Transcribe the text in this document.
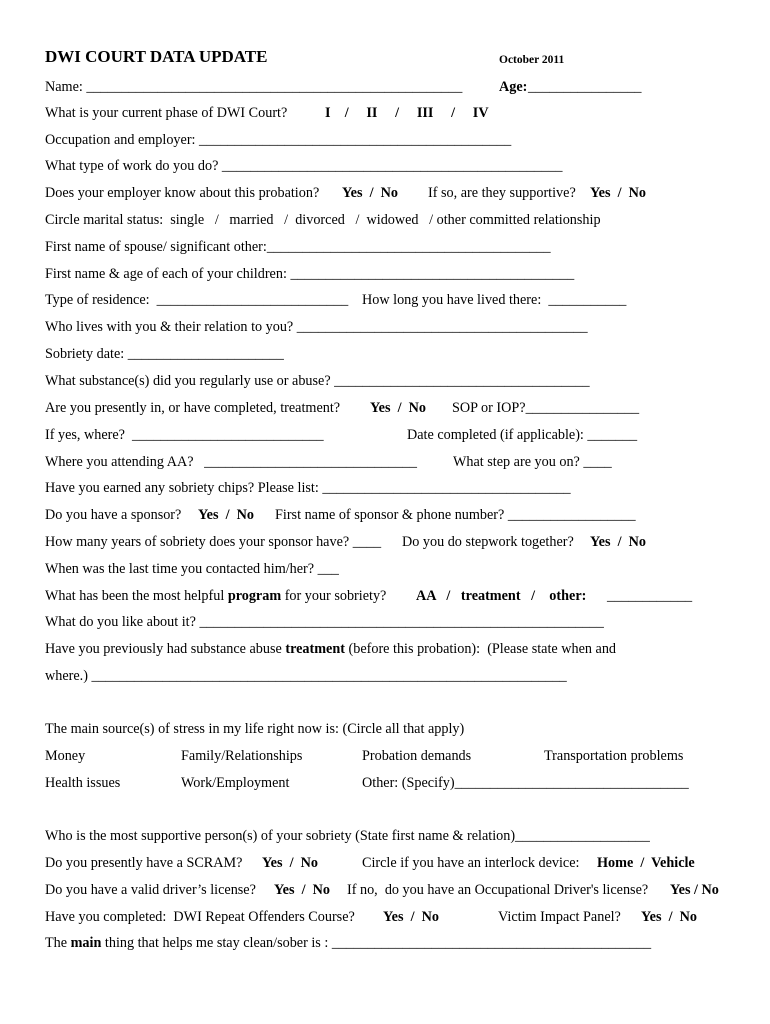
DWI COURT DATA UPDATE	October 2011
Name: _____________________________________________________	Age: ________________
What is your current phase of DWI Court?	I    /     II     /     III     /     IV
Occupation and employer: ____________________________________________
What type of work do you do? ________________________________________________
Does your employer know about this probation? Yes  /  No If so, are they supportive? Yes  /  No
Circle marital status:  single   /   married   /  divorced   /  widowed   / other committed relationship
First name of spouse/ significant other:________________________________________
First name & age of each of your children: ________________________________________
Type of residence:  ___________________________ How long you have lived there:  ___________
Who lives with you & their relation to you? _________________________________________
Sobriety date: ______________________
What substance(s) did you regularly use or abuse? ____________________________________
Are you presently in, or have completed, treatment? Yes  /  No SOP or IOP?________________
If yes, where?  ___________________________	Date completed (if applicable): _______
Where you attending AA?   ______________________________	What step are you on? ____
Have you earned any sobriety chips? Please list: ___________________________________
Do you have a sponsor? Yes  /  No First name of sponsor & phone number? __________________
How many years of sobriety does your sponsor have? ____ Do you do stepwork together? Yes  /  No
When was the last time you contacted him/her? ___
What has been the most helpful program for your sobriety? AA   /   treatment   /    other: ____________
What do you like about it? _________________________________________________________
Have you previously had substance abuse treatment (before this probation):  (Please state when and
where.) ___________________________________________________________________
The main source(s) of stress in my life right now is: (Circle all that apply)
Money	Family/Relationships	Probation demands	Transportation problems
Health issues	Work/Employment	Other: (Specify)_________________________________
Who is the most supportive person(s) of your sobriety (State first name & relation)___________________
Do you presently have a SCRAM? Yes  /  No	Circle if you have an interlock device: Home  /  Vehicle
Do you have a valid driver’s license? Yes  /  No If no,  do you have an Occupational Driver's license? Yes / No
Have you completed:  DWI Repeat Offenders Course? Yes  /  No	Victim Impact Panel? Yes  /  No
The main thing that helps me stay clean/sober is : _____________________________________________
